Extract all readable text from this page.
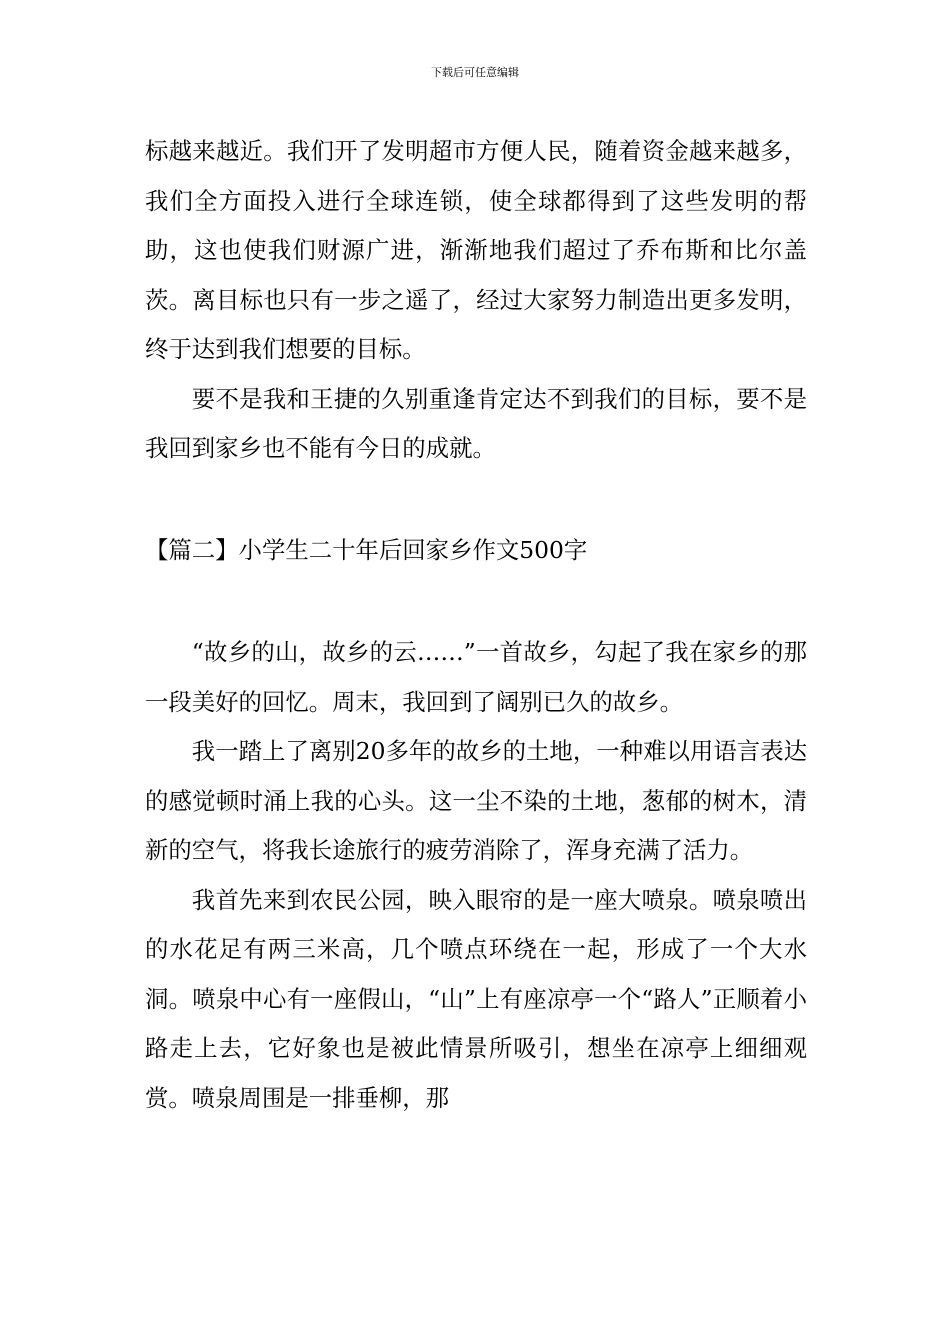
下载后可任意编辑

标越来越近。我们开了发明超市方便人民，随着资金越来越多，我们全方面投入进行全球连锁，使全球都得到了这些发明的帮助，这也使我们财源广进，渐渐地我们超过了乔布斯和比尔盖茨。离目标也只有一步之遥了，经过大家努力制造出更多发明，终于达到我们想要的目标。

要不是我和王捷的久别重逢肯定达不到我们的目标，要不是我回到家乡也不能有今日的成就。

【篇二】小学生二十年后回家乡作文500字

“故乡的山，故乡的云……”一首故乡，勾起了我在家乡的那一段美好的回忆。周末，我回到了阔别已久的故乡。

我一踏上了离别20多年的故乡的土地，一种难以用语言表达的感觉顿时涌上我的心头。这一尘不染的土地，葱郁的树木，清新的空气，将我长途旅行的疲劳消除了，浑身充满了活力。

我首先来到农民公园，映入眼帘的是一座大喷泉。喷泉喷出的水花足有两三米高，几个喷点环绕在一起，形成了一个大水洞。喷泉中心有一座假山，“山”上有座凉亭一个“路人”正顺着小路走上去，它好象也是被此情景所吸引，想坐在凉亭上细细观赏。喷泉周围是一排垂柳，那
